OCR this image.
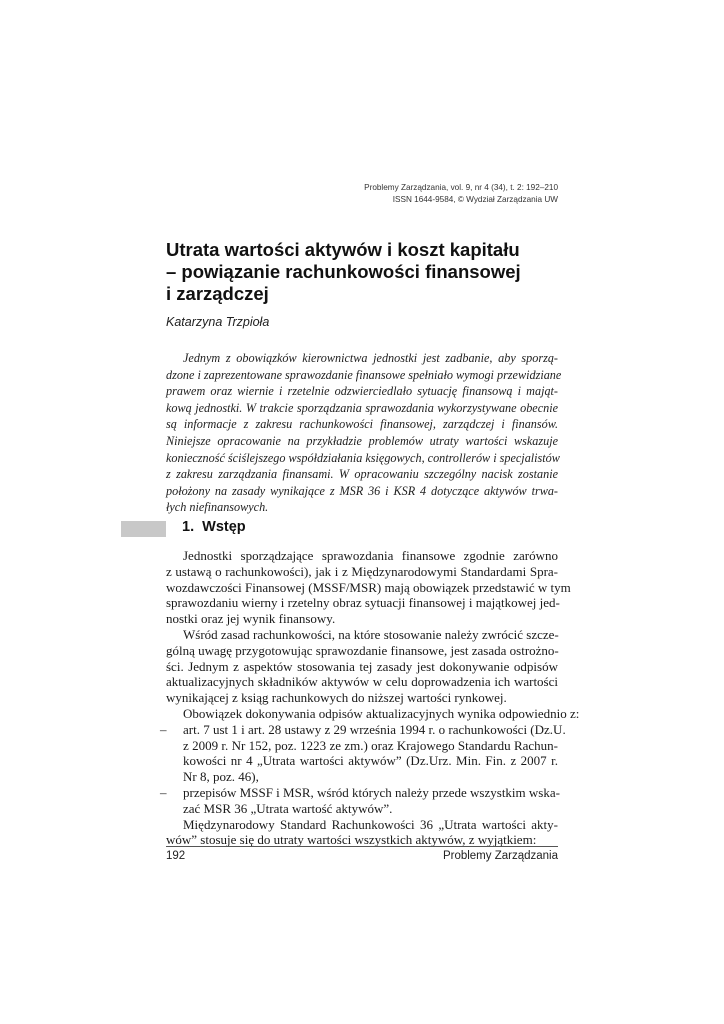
Problemy Zarządzania, vol. 9, nr 4 (34), t. 2: 192–210
ISSN 1644-9584, © Wydział Zarządzania UW
Utrata wartości aktywów i koszt kapitału
– powiązanie rachunkowości finansowej
i zarządczej
Katarzyna Trzpioła
Jednym z obowiązków kierownictwa jednostki jest zadbanie, aby sporzą-
dzone i zaprezentowane sprawozdanie finansowe spełniało wymogi przewidziane
prawem oraz wiernie i rzetelnie odzwierciedlało sytuację finansową i mająt-
kową jednostki. W trakcie sporządzania sprawozdania wykorzystywane obecnie
są informacje z zakresu rachunkowości finansowej, zarządczej i finansów.
Niniejsze opracowanie na przykładzie problemów utraty wartości wskazuje
konieczność ściślejszego współdziałania księgowych, controllerów i specjalistów
z zakresu zarządzania finansami. W opracowaniu szczególny nacisk zostanie
położony na zasady wynikające z MSR 36 i KSR 4 dotyczące aktywów trwa-
łych niefinansowych.
1. Wstęp
Jednostki sporządzające sprawozdania finansowe zgodnie zarówno
z ustawą o rachunkowości), jak i z Międzynarodowymi Standardami Spra-
wozdawczości Finansowej (MSSF/MSR) mają obowiązek przedstawić w tym
sprawozdaniu wierny i rzetelny obraz sytuacji finansowej i majątkowej jed-
nostki oraz jej wynik finansowy.
Wśród zasad rachunkowości, na które stosowanie należy zwrócić szcze-
gólną uwagę przygotowując sprawozdanie finansowe, jest zasada ostrożno-
ści. Jednym z aspektów stosowania tej zasady jest dokonywanie odpisów
aktualizacyjnych składników aktywów w celu doprowadzenia ich wartości
wynikającej z ksiąg rachunkowych do niższej wartości rynkowej.
Obowiązek dokonywania odpisów aktualizacyjnych wynika odpowiednio z:
– art. 7 ust 1 i art. 28 ustawy z 29 września 1994 r. o rachunkowości (Dz.U.
z 2009 r. Nr 152, poz. 1223 ze zm.) oraz Krajowego Standardu Rachun-
kowości nr 4 „Utrata wartości aktywów” (Dz.Urz. Min. Fin. z 2007 r.
Nr 8, poz. 46),
– przepisów MSSF i MSR, wśród których należy przede wszystkim wska-
zać MSR 36 „Utrata wartość aktywów”.
Międzynarodowy Standard Rachunkowości 36 „Utrata wartości akty-
wów” stosuje się do utraty wartości wszystkich aktywów, z wyjątkiem:
192	Problemy Zarządzania
